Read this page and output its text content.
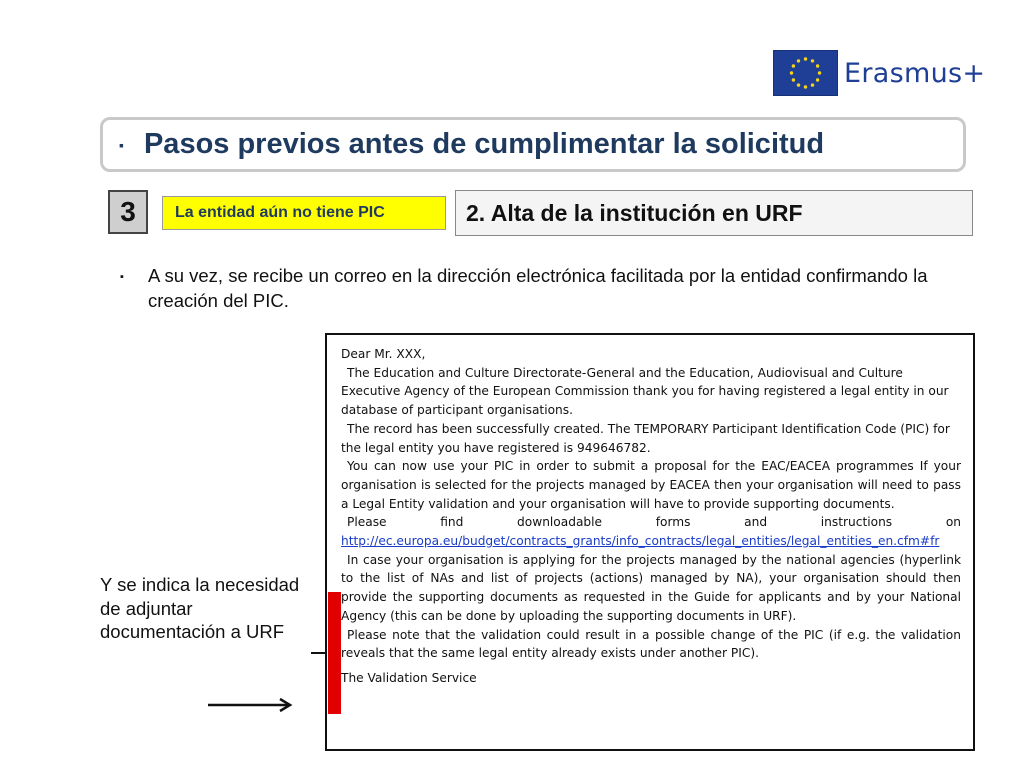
Erasmus+
▪ Pasos previos antes de cumplimentar la solicitud
3	La entidad aún no tiene PIC	2. Alta de la institución en URF
▪ A su vez, se recibe un correo en la dirección electrónica facilitada por la entidad confirmando la creación del PIC.

Dear Mr. XXX,

The Education and Culture Directorate-General and the Education, Audiovisual and Culture Executive Agency of the European Commission thank you for having registered a legal entity in our database of participant organisations.

The record has been successfully created. The TEMPORARY Participant Identification Code (PIC) for the legal entity you have registered is 949646782.

You can now use your PIC in order to submit a proposal for the EAC/EACEA programmes If your organisation is selected for the projects managed by EACEA then your organisation will need to pass a Legal Entity validation and your organisation will have to provide supporting documents.

Please find downloadable forms and instructions on http://ec.europa.eu/budget/contracts_grants/info_contracts/legal_entities/legal_entities_en.cfm#fr

In case your organisation is applying for the projects managed by the national agencies (hyperlink to the list of NAs and list of projects (actions) managed by NA), your organisation should then provide the supporting documents as requested in the Guide for applicants and by your National Agency (this can be done by uploading the supporting documents in URF).

Please note that the validation could result in a possible change of the PIC (if e.g. the validation reveals that the same legal entity already exists under another PIC).

The Validation Service

Y se indica la necesidad de adjuntar documentación a URF
